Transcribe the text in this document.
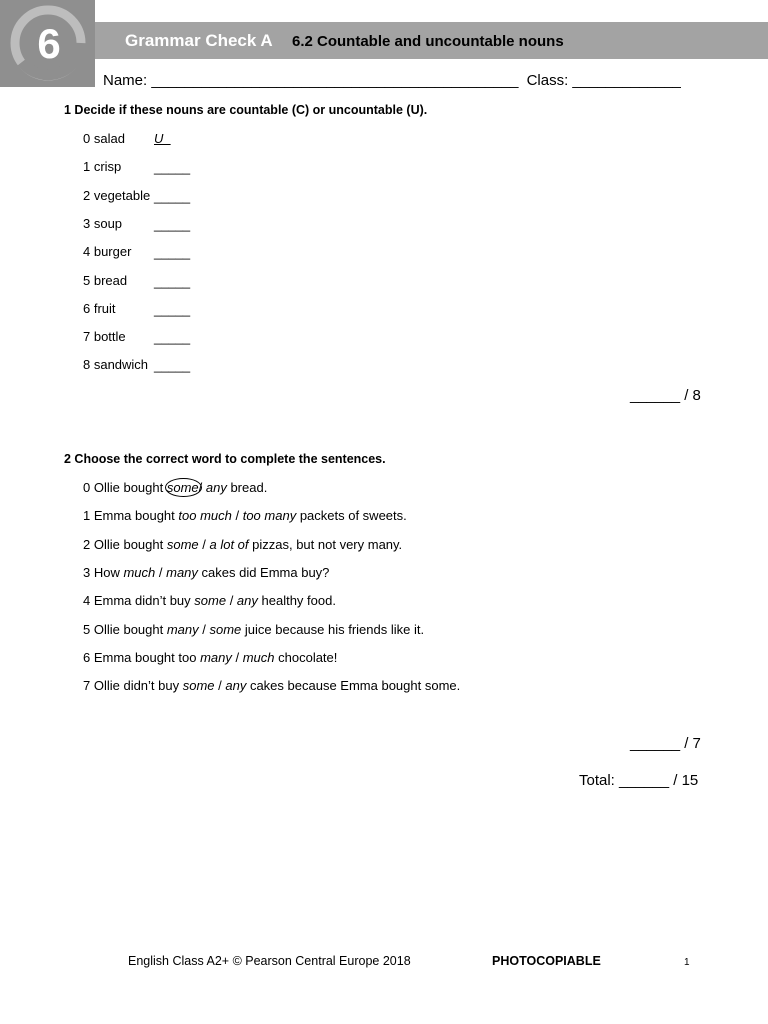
6	Grammar Check A 6.2 Countable and uncountable nouns
Name: ____________________________________________ Class: _____________
1 Decide if these nouns are countable (C) or uncountable (U).
0 salad U
1 crisp	_____
2 vegetable _____
3 soup _____
4 burger _____
5 bread _____
6 fruit	_____
7 bottle _____
8 sandwich _____
______ / 8
2 Choose the correct word to complete the sentences.
0 Ollie bought some/ any bread.
1 Emma bought too much / too many packets of sweets.
2 Ollie bought some / a lot of pizzas, but not very many.
3 How much / many cakes did Emma buy?
4 Emma didn’t buy some / any healthy food.
5 Ollie bought many / some juice because his friends like it.
6 Emma bought too many / much chocolate!
7 Ollie didn’t buy some / any cakes because Emma bought some.
______ / 7
Total: ______ / 15
English Class A2+ © Pearson Central Europe 2018	PHOTOCOPIABLE	1
